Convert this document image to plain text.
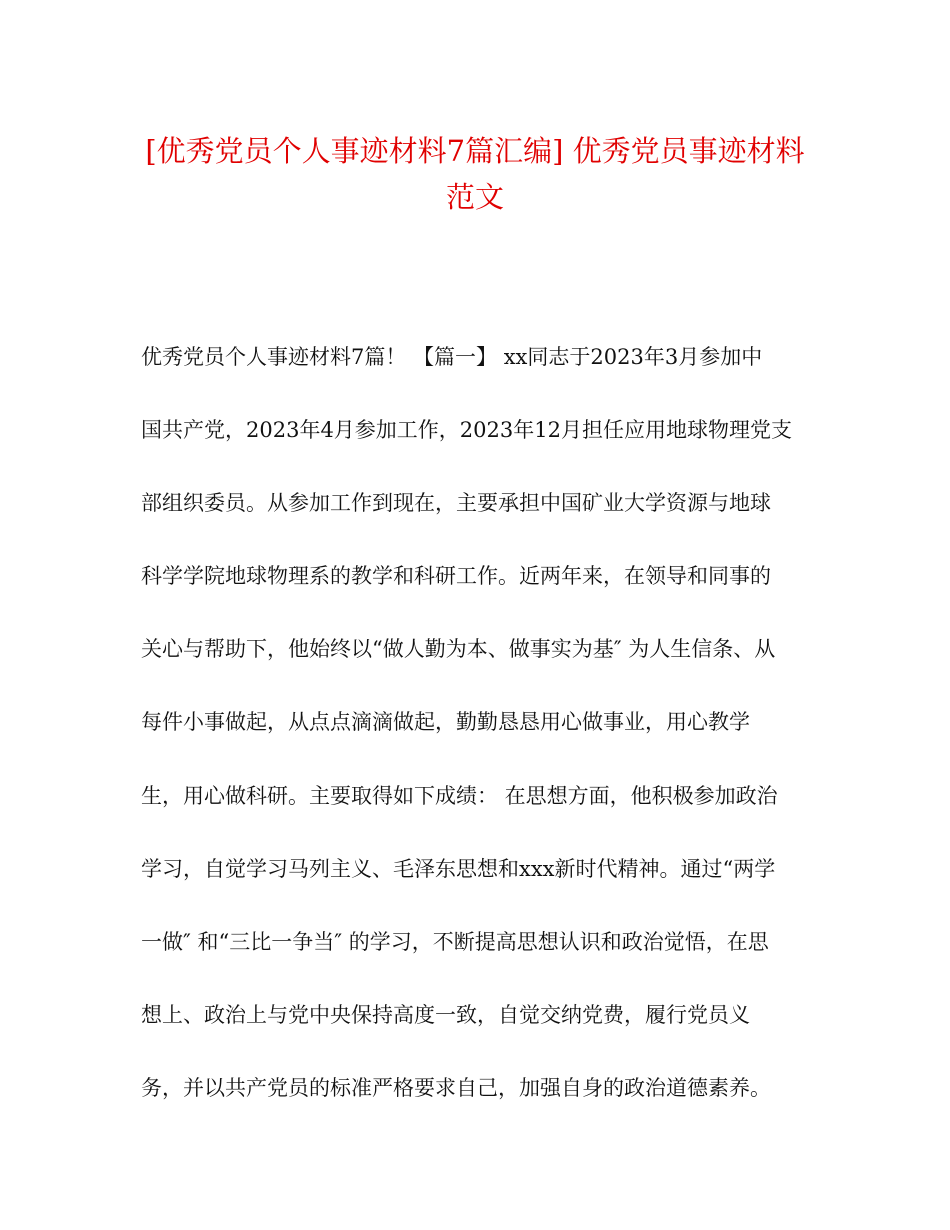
[优秀党员个人事迹材料7篇汇编] 优秀党员事迹材料
范文
优秀党员个人事迹材料7篇！ 【篇一】 xx同志于2023年3月参加中
国共产党，2023年4月参加工作，2023年12月担任应用地球物理党支
部组织委员。从参加工作到现在，主要承担中国矿业大学资源与地球
科学学院地球物理系的教学和科研工作。近两年来，在领导和同事的
关心与帮助下，他始终以“做人勤为本、做事实为基″ 为人生信条、从
每件小事做起，从点点滴滴做起，勤勤恳恳用心做事业，用心教学
生，用心做科研。主要取得如下成绩： 在思想方面，他积极参加政治
学习，自觉学习马列主义、毛泽东思想和xxx新时代精神。通过“两学
一做″ 和“三比一争当″ 的学习，不断提高思想认识和政治觉悟，在思
想上、政治上与党中央保持高度一致，自觉交纳党费，履行党员义
务，并以共产党员的标准严格要求自己，加强自身的政治道德素养。
